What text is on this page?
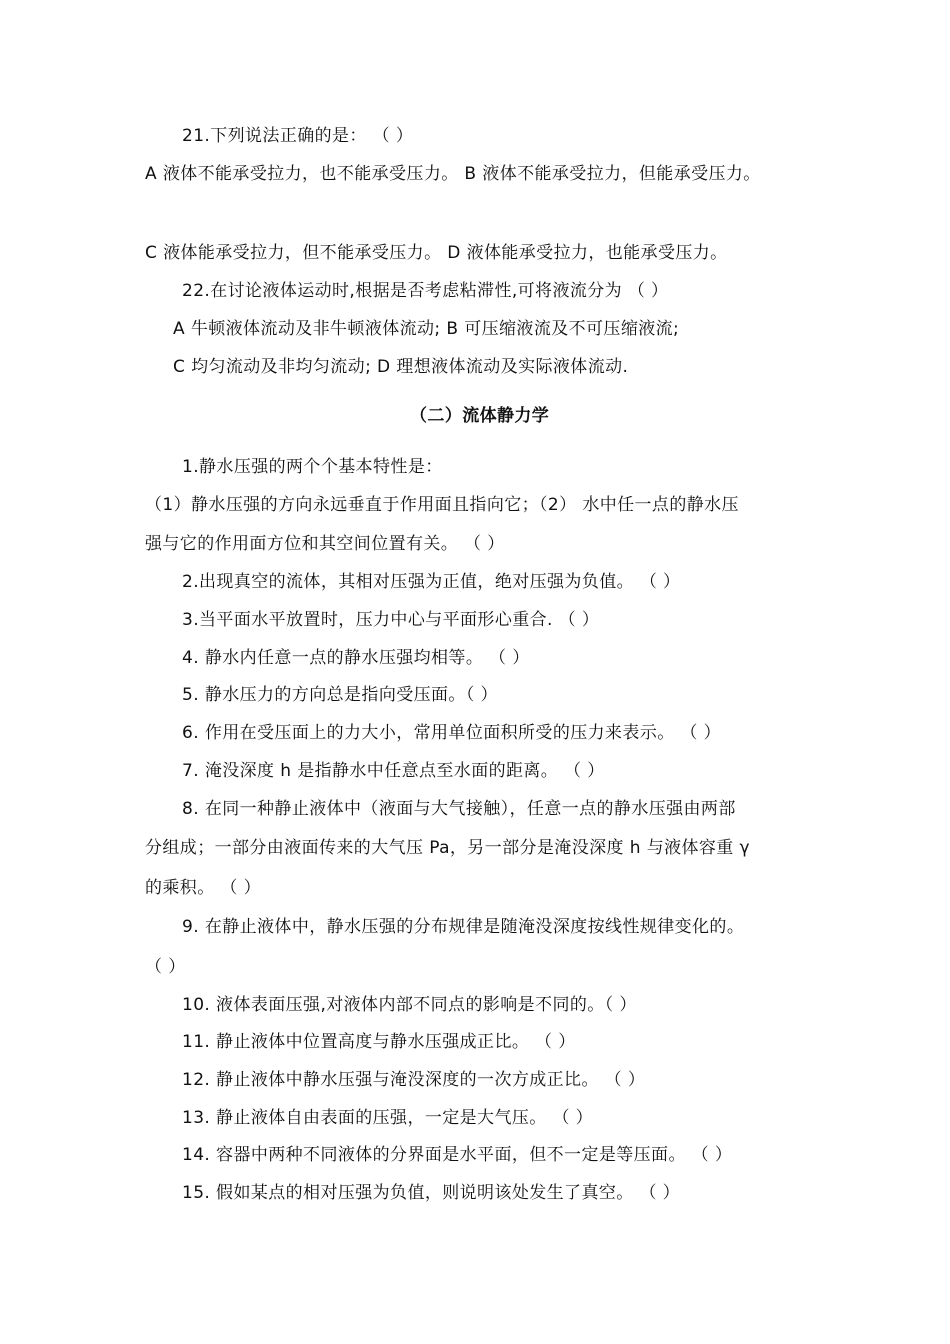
21.下列说法正确的是： （ ）
A 液体不能承受拉力，也不能承受压力。 B 液体不能承受拉力，但能承受压力。
C 液体能承受拉力，但不能承受压力。 D 液体能承受拉力，也能承受压力。
22.在讨论液体运动时,根据是否考虑粘滞性,可将液流分为 （ ）
A 牛顿液体流动及非牛顿液体流动; B 可压缩液流及不可压缩液流;
C 均匀流动及非均匀流动; D 理想液体流动及实际液体流动.
（二）流体静力学
1.静水压强的两个个基本特性是：
（1）静水压强的方向永远垂直于作用面且指向它；（2） 水中任一点的静水压
强与它的作用面方位和其空间位置有关。 （ ）
2.出现真空的流体，其相对压强为正值，绝对压强为负值。 （ ）
3.当平面水平放置时，压力中心与平面形心重合. （ ）
4. 静水内任意一点的静水压强均相等。 （ ）
5. 静水压力的方向总是指向受压面。（ ）
6. 作用在受压面上的力大小，常用单位面积所受的压力来表示。 （ ）
7. 淹没深度 h 是指静水中任意点至水面的距离。 （ ）
8. 在同一种静止液体中（液面与大气接触），任意一点的静水压强由两部
分组成；一部分由液面传来的大气压 Pa，另一部分是淹没深度 h 与液体容重 γ
的乘积。 （ ）
9. 在静止液体中，静水压强的分布规律是随淹没深度按线性规律变化的。
（ ）
10. 液体表面压强,对液体内部不同点的影响是不同的。（ ）
11. 静止液体中位置高度与静水压强成正比。 （ ）
12. 静止液体中静水压强与淹没深度的一次方成正比。 （ ）
13. 静止液体自由表面的压强，一定是大气压。 （ ）
14. 容器中两种不同液体的分界面是水平面，但不一定是等压面。 （ ）
15. 假如某点的相对压强为负值，则说明该处发生了真空。 （ ）
